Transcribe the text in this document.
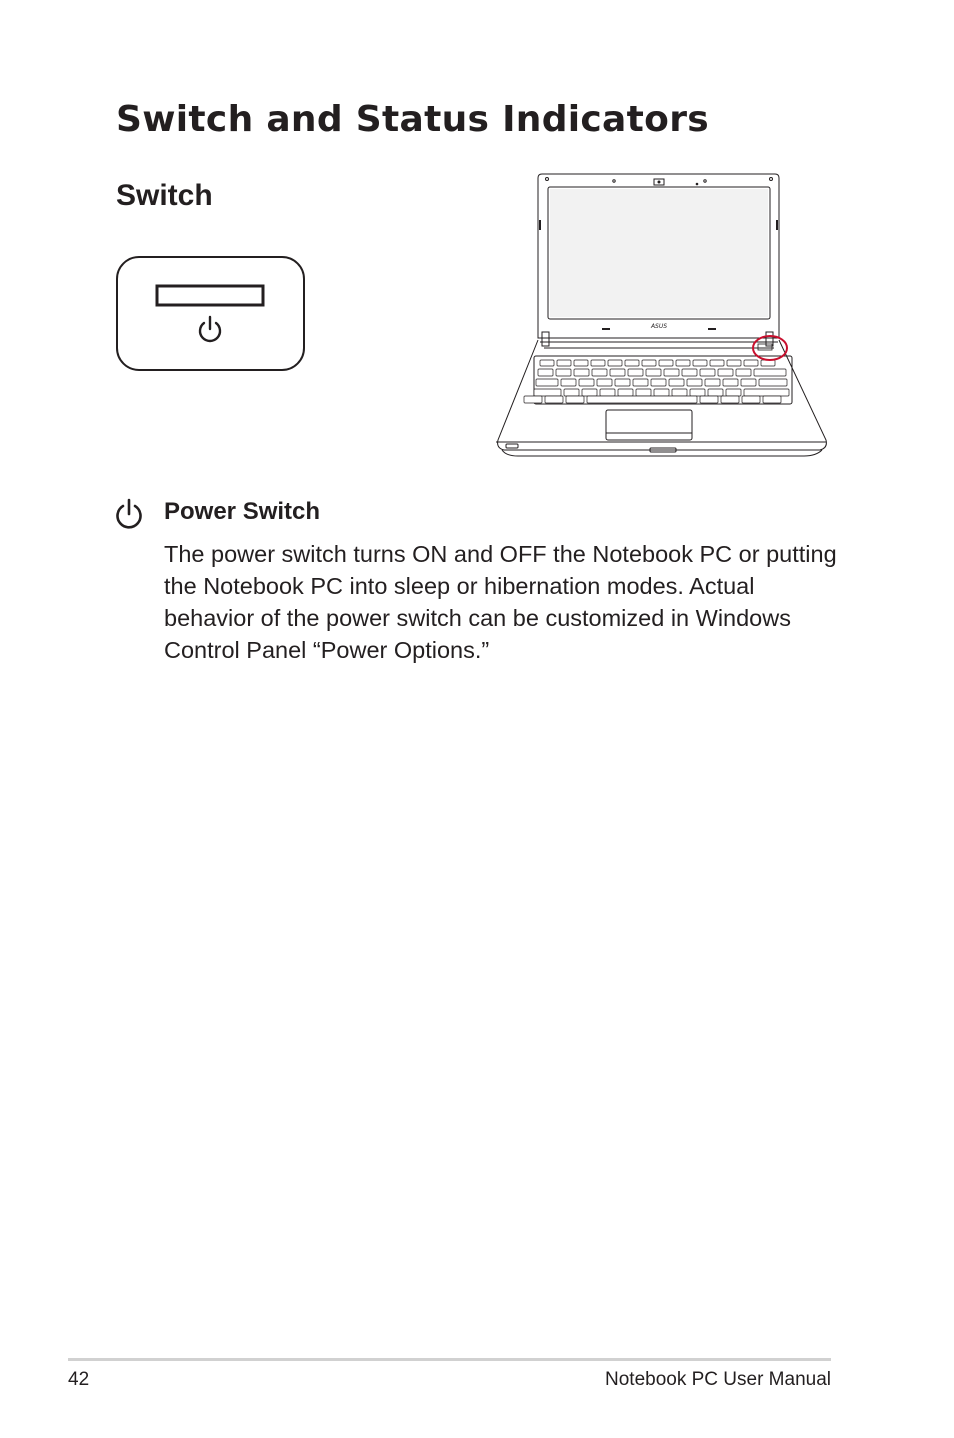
Switch and Status Indicators
Switch
ASUS
Power Switch

The power switch turns ON and OFF the Notebook PC or putting the Notebook PC into sleep or hibernation modes. Actual behavior of the power switch can be customized in Windows Control Panel “Power Options.”

42	Notebook PC User Manual
